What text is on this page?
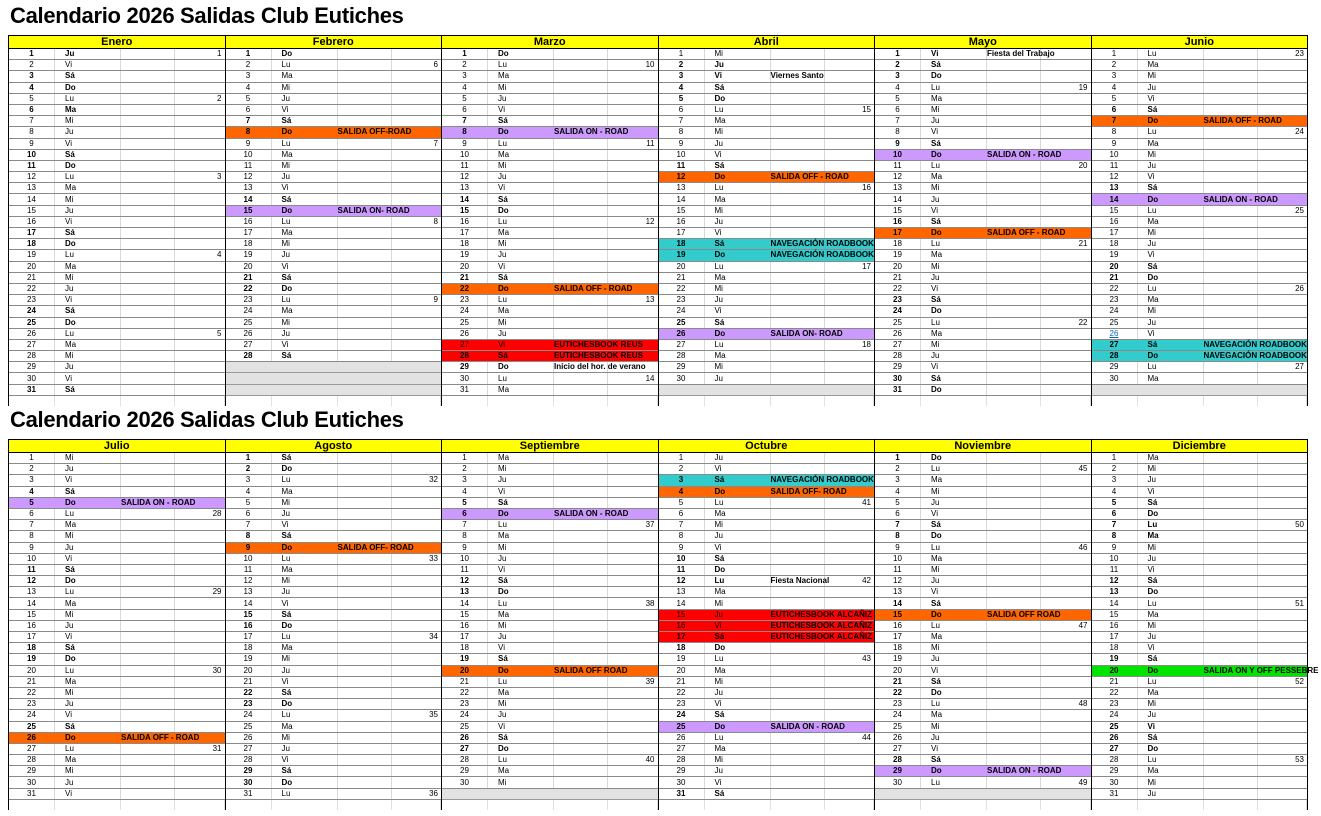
Calendario 2026 Salidas Club Eutiches
Enero
1	Ju	1
2	Vi
3	Sá
4	Do
5	Lu	2
6	Ma
7	Mi
8	Ju
9	Vi
10	Sá
11	Do
12	Lu	3
13	Ma
14	Mi
15	Ju
16	Vi
17	Sá
18	Do
19	Lu	4
20	Ma
21	Mi
22	Ju
23	Vi
24	Sá
25	Do
26	Lu	5
27	Ma
28	Mi
29	Ju
30	Vi
31	Sá
Febrero
1	Do
2	Lu	6
3	Ma
4	Mi
5	Ju
6	Vi
7	Sá
8	Do	SALIDA OFF-ROAD
9	Lu	7
10	Ma
11	Mi
12	Ju
13	Vi
14	Sá
15	Do	SALIDA ON- ROAD
16	Lu	8
17	Ma
18	Mi
19	Ju
20	Vi
21	Sá
22	Do
23	Lu	9
24	Ma
25	Mi
26	Ju
27	Vi
28	Sá
Marzo
1	Do
2	Lu	10
3	Ma
4	Mi
5	Ju
6	Vi
7	Sá
8	Do	SALIDA ON - ROAD
9	Lu	11
10	Ma
11	Mi
12	Ju
13	Vi
14	Sá
15	Do
16	Lu	12
17	Ma
18	Mi
19	Ju
20	Vi
21	Sá
22	Do	SALIDA OFF - ROAD
23	Lu	13
24	Ma
25	Mi
26	Ju
27	Vi	EUTICHESBOOK REUS
28	Sá	EUTICHESBOOK REUS
29	Do	Inicio del hor. de verano
30	Lu	14
31	Ma
Abril
1	Mi
2	Ju
3	Vi	Viernes Santo
4	Sá
5	Do
6	Lu	15
7	Ma
8	Mi
9	Ju
10	Vi
11	Sá
12	Do	SALIDA OFF - ROAD
13	Lu	16
14	Ma
15	Mi
16	Ju
17	Vi
18	Sá	NAVEGACIÓN ROADBOOK
19	Do	NAVEGACIÓN ROADBOOK
20	Lu	17
21	Ma
22	Mi
23	Ju
24	Vi
25	Sá
26	Do	SALIDA ON- ROAD
27	Lu	18
28	Ma
29	Mi
30	Ju
Mayo
1	Vi	Fiesta del Trabajo
2	Sá
3	Do
4	Lu	19
5	Ma
6	Mi
7	Ju
8	Vi
9	Sá
10	Do	SALIDA ON - ROAD
11	Lu	20
12	Ma
13	Mi
14	Ju
15	Vi
16	Sá
17	Do	SALIDA OFF - ROAD
18	Lu	21
19	Ma
20	Mi
21	Ju
22	Vi
23	Sá
24	Do
25	Lu	22
26	Ma
27	Mi
28	Ju
29	Vi
30	Sá
31	Do
Junio
1	Lu	23
2	Ma
3	Mi
4	Ju
5	Vi
6	Sá
7	Do	SALIDA OFF - ROAD
8	Lu	24
9	Ma
10	Mi
11	Ju
12	Vi
13	Sá
14	Do	SALIDA ON - ROAD
15	Lu	25
16	Ma
17	Mi
18	Ju
19	Vi
20	Sá
21	Do
22	Lu	26
23	Ma
24	Mi
25	Ju
26	Vi
27	Sá	NAVEGACIÓN ROADBOOK
28	Do	NAVEGACIÓN ROADBOOK
29	Lu	27
30	Ma
Calendario 2026 Salidas Club Eutiches
Julio
1	Mi
2	Ju
3	Vi
4	Sá
5	Do	SALIDA ON - ROAD
6	Lu	28
7	Ma
8	Mi
9	Ju
10	Vi
11	Sá
12	Do
13	Lu	29
14	Ma
15	Mi
16	Ju
17	Vi
18	Sá
19	Do
20	Lu	30
21	Ma
22	Mi
23	Ju
24	Vi
25	Sá
26	Do	SALIDA OFF - ROAD
27	Lu	31
28	Ma
29	Mi
30	Ju
31	Vi
Agosto
1	Sá
2	Do
3	Lu	32
4	Ma
5	Mi
6	Ju
7	Vi
8	Sá
9	Do	SALIDA OFF- ROAD
10	Lu	33
11	Ma
12	Mi
13	Ju
14	Vi
15	Sá
16	Do
17	Lu	34
18	Ma
19	Mi
20	Ju
21	Vi
22	Sá
23	Do
24	Lu	35
25	Ma
26	Mi
27	Ju
28	Vi
29	Sá
30	Do
31	Lu	36
Septiembre
1	Ma
2	Mi
3	Ju
4	Vi
5	Sá
6	Do	SALIDA ON - ROAD
7	Lu	37
8	Ma
9	Mi
10	Ju
11	Vi
12	Sá
13	Do
14	Lu	38
15	Ma
16	Mi
17	Ju
18	Vi
19	Sá
20	Do	SALIDA OFF ROAD
21	Lu	39
22	Ma
23	Mi
24	Ju
25	Vi
26	Sá
27	Do
28	Lu	40
29	Ma
30	Mi
Octubre
1	Ju
2	Vi
3	Sá	NAVEGACIÓN ROADBOOK
4	Do	SALIDA OFF- ROAD
5	Lu	41
6	Ma
7	Mi
8	Ju
9	Vi
10	Sá
11	Do
12	Lu	Fiesta Nacional	42
13	Ma
14	Mi
15	Ju	EUTICHESBOOK ALCAÑIZ
16	Vi	EUTICHESBOOK ALCAÑIZ
17	Sá	EUTICHESBOOK ALCAÑIZ
18	Do
19	Lu	43
20	Ma
21	Mi
22	Ju
23	Vi
24	Sá
25	Do	SALIDA ON - ROAD
26	Lu	44
27	Ma
28	Mi
29	Ju
30	Vi
31	Sá
Noviembre
1	Do
2	Lu	45
3	Ma
4	Mi
5	Ju
6	Vi
7	Sá
8	Do
9	Lu	46
10	Ma
11	Mi
12	Ju
13	Vi
14	Sá
15	Do	SALIDA OFF ROAD
16	Lu	47
17	Ma
18	Mi
19	Ju
20	Vi
21	Sá
22	Do
23	Lu	48
24	Ma
25	Mi
26	Ju
27	Vi
28	Sá
29	Do	SALIDA ON - ROAD
30	Lu	49
Diciembre
1	Ma
2	Mi
3	Ju
4	Vi
5	Sá
6	Do
7	Lu	50
8	Ma
9	Mi
10	Ju
11	Vi
12	Sá
13	Do
14	Lu	51
15	Ma
16	Mi
17	Ju
18	Vi
19	Sá
20	Do	SALIDA ON Y OFF PESSEBRE
21	Lu	52
22	Ma
23	Mi
24	Ju
25	Vi
26	Sá
27	Do
28	Lu	53
29	Ma
30	Mi
31	Ju
